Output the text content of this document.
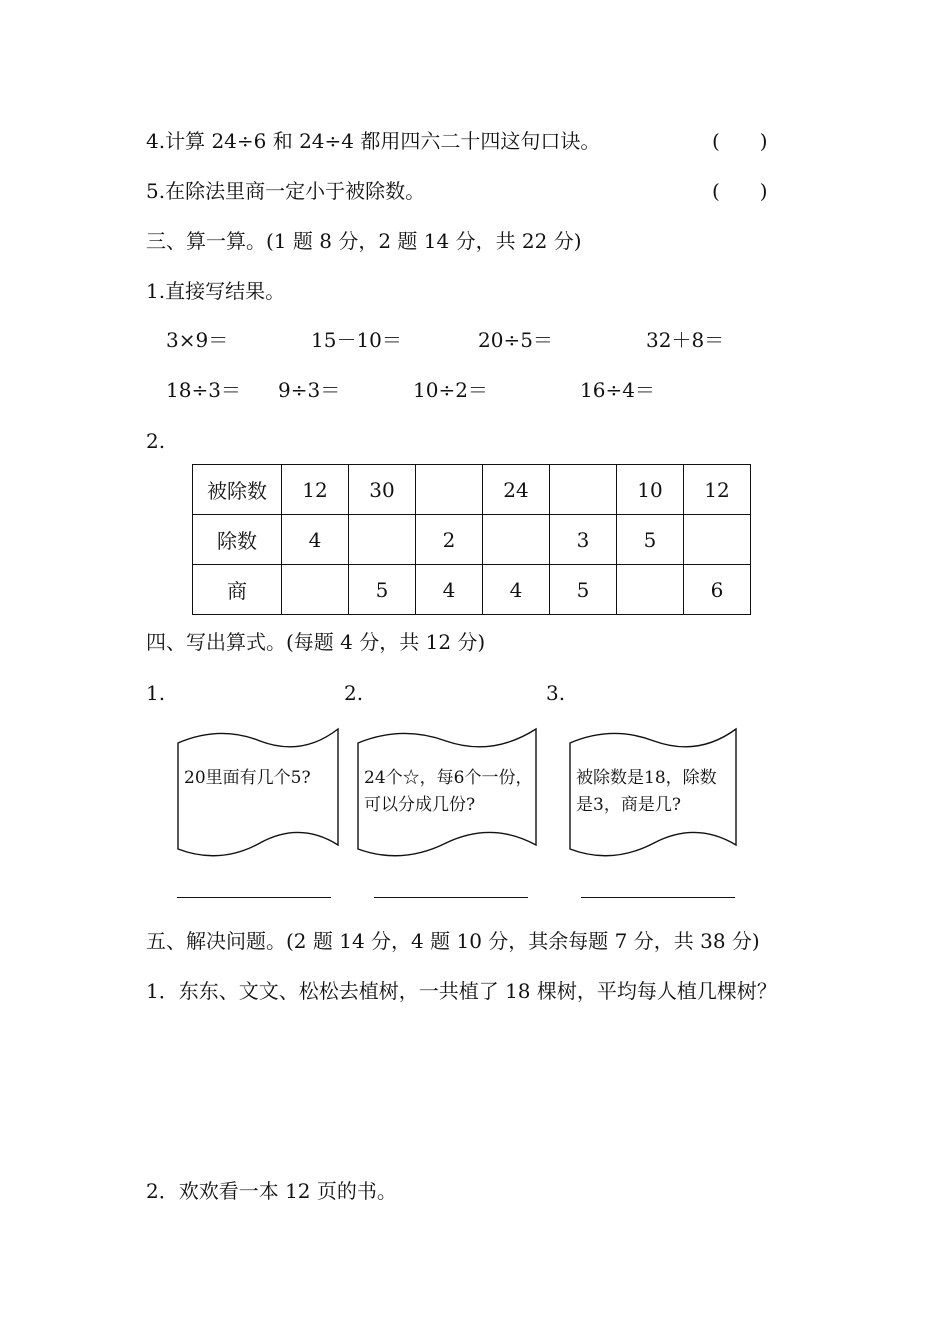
4.计算 24÷6 和 24÷4 都用四六二十四这句口诀。	(　　)
5.在除法里商一定小于被除数。	(　　)
三、算一算。(1 题 8 分，2 题 14 分，共 22 分)
1.直接写结果。
3×9＝	15－10＝	20÷5＝	32＋8＝
18÷3＝ 9÷3＝	10÷2＝	16÷4＝
2.
被除数	12	30		24		10	12
除数	4		2		3	5	
商		5	4	4	5		6
四、写出算式。(每题 4 分，共 12 分)
1.	2.	3.
20里面有几个5?	24个☆，每6个一份，
可以分成几份?
被除数是18，除数
是3，商是几?
五、解决问题。(2 题 14 分，4 题 10 分，其余每题 7 分，共 38 分)
1．东东、文文、松松去植树，一共植了 18 棵树，平均每人植几棵树？
2．欢欢看一本 12 页的书。
